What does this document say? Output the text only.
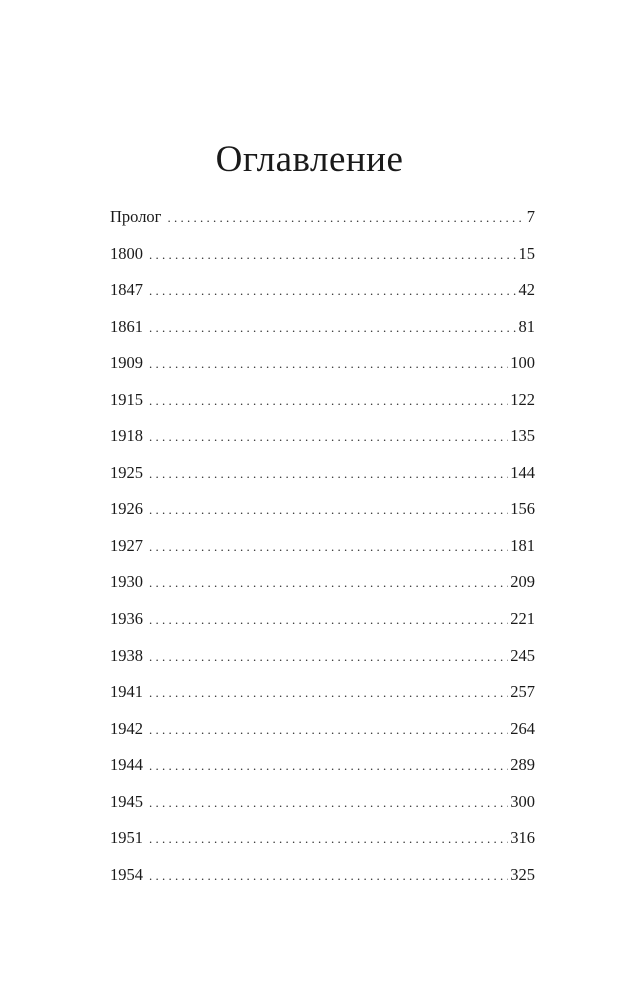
Оглавление
Пролог . . .	7
1800 . . .	15
1847 . . .	42
1861 . . .	81
1909 . . .	100
1915 . . .	122
1918 . . .	135
1925 . . .	144
1926 . . .	156
1927 . . .	181
1930 . . .	209
1936 . . .	221
1938 . . .	245
1941 . . .	257
1942 . . .	264
1944 . . .	289
1945 . . .	300
1951 . . .	316
1954 . . .	325
